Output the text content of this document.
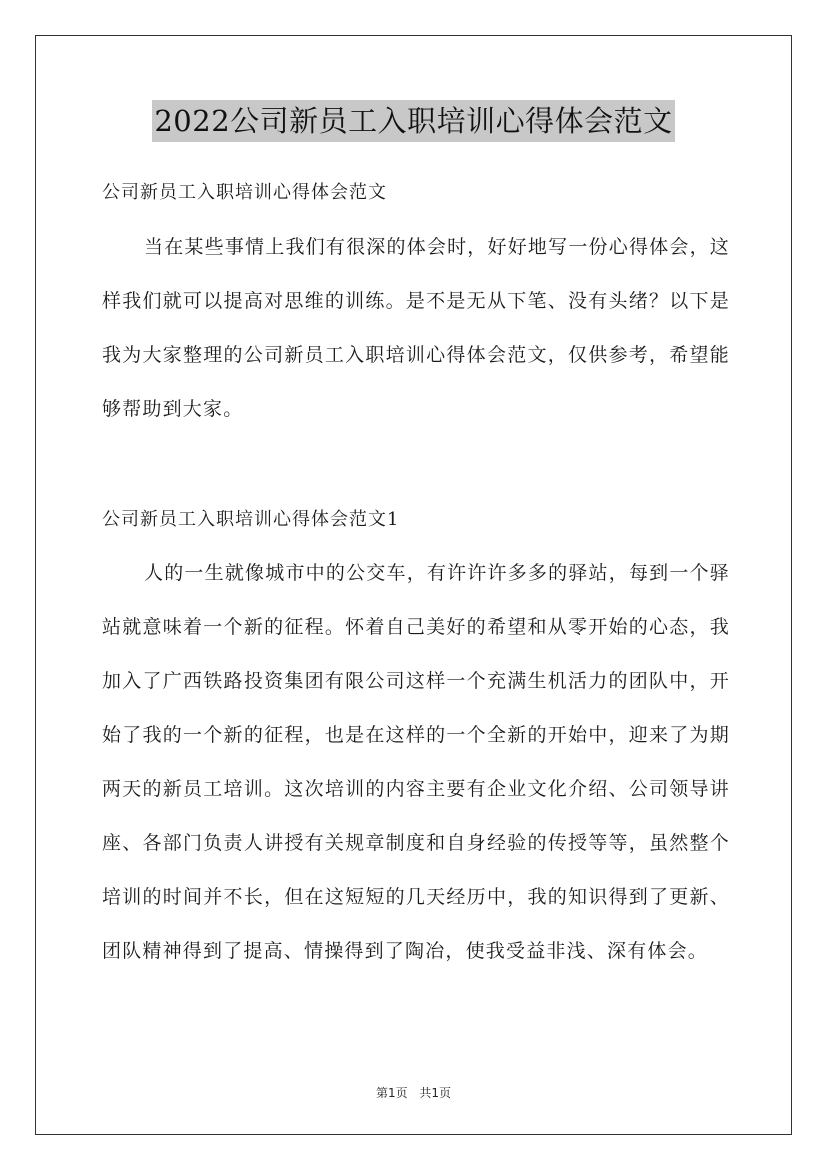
2022公司新员工入职培训心得体会范文
公司新员工入职培训心得体会范文
当在某些事情上我们有很深的体会时，好好地写一份心得体会，这样我们就可以提高对思维的训练。是不是无从下笔、没有头绪？以下是我为大家整理的公司新员工入职培训心得体会范文，仅供参考，希望能够帮助到大家。
公司新员工入职培训心得体会范文1
人的一生就像城市中的公交车，有许许许多多的驿站，每到一个驿站就意味着一个新的征程。怀着自己美好的希望和从零开始的心态，我加入了广西铁路投资集团有限公司这样一个充满生机活力的团队中，开始了我的一个新的征程，也是在这样的一个全新的开始中，迎来了为期两天的新员工培训。这次培训的内容主要有企业文化介绍、公司领导讲座、各部门负责人讲授有关规章制度和自身经验的传授等等，虽然整个培训的时间并不长，但在这短短的几天经历中，我的知识得到了更新、团队精神得到了提高、情操得到了陶冶，使我受益非浅、深有体会。
第1页 共1页
